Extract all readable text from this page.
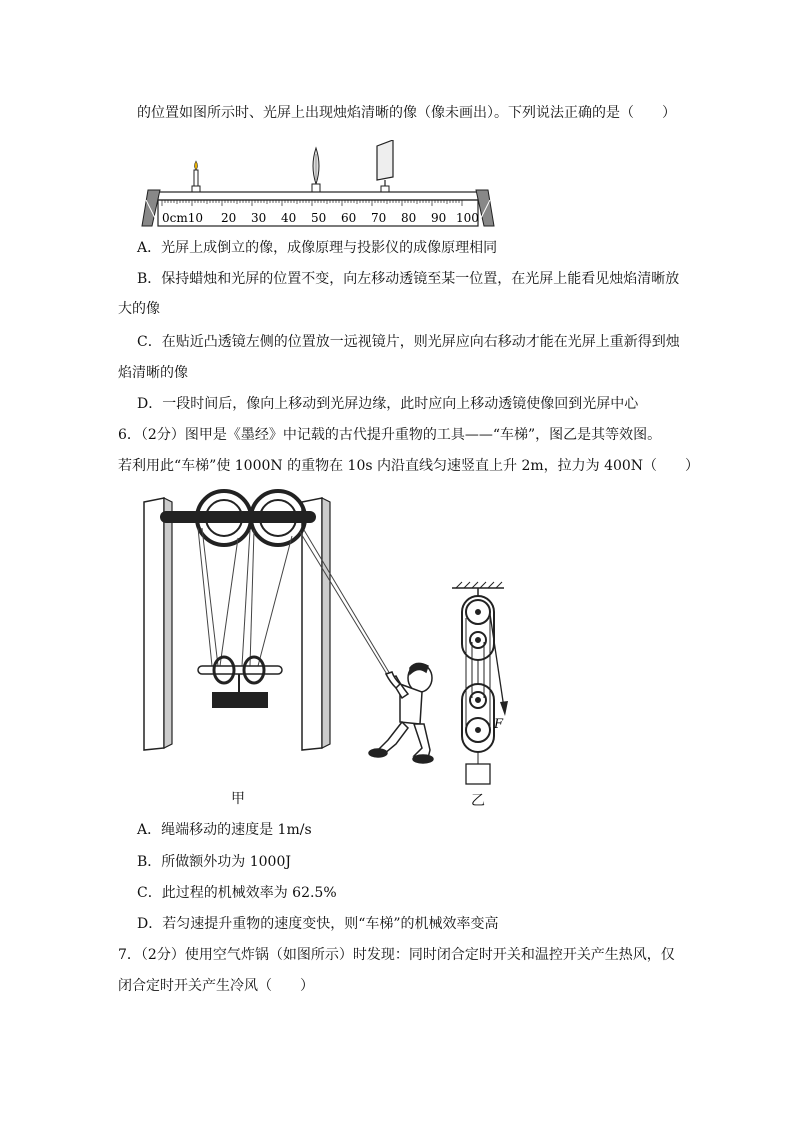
的位置如图所示时、光屏上出现烛焰清晰的像（像未画出）。下列说法正确的是（　　）
0cm10 20 30 40 50 60 70 80 90 100
A．光屏上成倒立的像，成像原理与投影仪的成像原理相同
B．保持蜡烛和光屏的位置不变，向左移动透镜至某一位置，在光屏上能看见烛焰清晰放
大的像
C．在贴近凸透镜左侧的位置放一远视镜片，则光屏应向右移动才能在光屏上重新得到烛
焰清晰的像
D．一段时间后，像向上移动到光屏边缘，此时应向上移动透镜使像回到光屏中心
6．（2分）图甲是《墨经》中记载的古代提升重物的工具——“车梯”，图乙是其等效图。
若利用此“车梯”使 1000N 的重物在 10s 内沿直线匀速竖直上升 2m，拉力为 400N（　　）
F
甲	乙
A．绳端移动的速度是 1m/s
B．所做额外功为 1000J
C．此过程的机械效率为 62.5%
D．若匀速提升重物的速度变快，则“车梯”的机械效率变高
7．（2分）使用空气炸锅（如图所示）时发现：同时闭合定时开关和温控开关产生热风，仅
闭合定时开关产生冷风（　　）
